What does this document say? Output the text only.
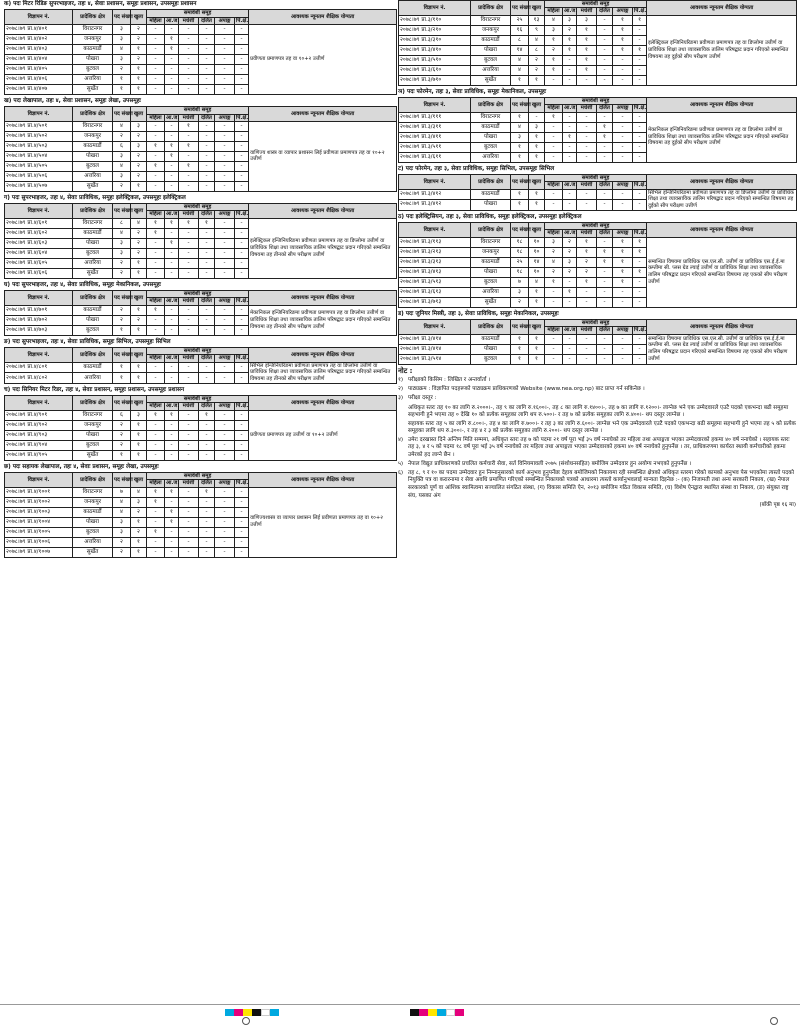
क) पदः मिटर रिडिङ सुपरभाइजर, तहः ४, सेवाः प्रशासन, समूहः प्रशासन, उपसमूहः प्रशासन
विज्ञापन नं.	प्रादेशिक क्षेत्र	पद संख्या	खुला	समावेशी समूह						आवश्यक न्यूनतम शैक्षिक योग्यता
				महिला	आ.ज.	मधेशी	दलित	अपाङ्ग	पि.क्षे.	
२०७८।७९ प्रा.४/४०१	विराटनगर	३	२	-	-	-	-	-	-	प्रवीणता प्रमाणपत्र तह वा १०+२ उत्तीर्ण
२०७८।७९ प्रा.४/४०२	जनकपुर	३	२	-	१	-	-	-	-	
२०७८।७९ प्रा.४/४०३	काठमाडौं	४	१	-	१	-	-	-	-	
२०७८।७९ प्रा.४/४०४	पोखरा	३	२	-	-	-	-	-	-	
२०७८।७९ प्रा.४/४०५	बुटवल	२	१	-	-	-	-	-	-	
२०७८।७९ प्रा.४/४०६	अत्तरिया	१	१	-	-	-	-	-	-	
२०७८।७९ प्रा.४/४०७	सुर्खेत	१	१	-	-	-	-	-	-	
ख) पदः लेखापाल, तहः ४, सेवाः प्रशासन, समूहः लेखा, उपसमूहः
विज्ञापन नं.	प्रादेशिक क्षेत्र	पद संख्या	खुला	समावेशी समूह						आवश्यक न्यूनतम शैक्षिक योग्यता
				महिला	आ.ज.	मधेशी	दलित	अपाङ्ग	पि.क्षे.	
२०७८।७९ प्रा.४/५०१	विराटनगर	४	३	-	-	१	-	-	-	वाणिज्य शास्त्र वा व्यापार प्रशासन लिई प्रवीणता प्रमाणपत्र तह वा १०+२ उत्तीर्ण
२०७८।७९ प्रा.४/५०२	जनकपुर	२	२	-	-	-	-	-	-	
२०७८।७९ प्रा.४/५०३	काठमाडौं	६	३	१	१	१	-	-	-	
२०७८।७९ प्रा.४/५०४	पोखरा	३	२	-	१	-	-	-	-	
२०७८।७९ प्रा.४/५०५	बुटवल	४	२	१	-	१	-	-	-	
२०७८।७९ प्रा.४/५०६	अत्तरिया	३	२	-	-	-	-	-	-	
२०७८।७९ प्रा.४/५०७	सुर्खेत	२	१	-	-	-	-	-	-	
ग) पदः सुपरभाइजर, तहः ४, सेवाः प्राविधिक, समूहः इलेक्ट्रिकल, उपसमूहः इलेक्ट्रिकल
विज्ञापन नं.	प्रादेशिक क्षेत्र	पद संख्या	खुला	समावेशी समूह						आवश्यक न्यूनतम शैक्षिक योग्यता
				महिला	आ.ज.	मधेशी	दलित	अपाङ्ग	पि.क्षे.	
२०७८।७९ प्रा.४/६०१	विराटनगर	८	४	१	१	१	१	-	-	इलेक्ट्रिकल इन्जिनियरिङमा प्रवीणता प्रमाणपत्र तह वा डिप्लोमा उत्तीर्ण वा प्राविधिक शिक्षा तथा व्यावसायिक तालिम परिषद्बाट प्रदान गरिएको सम्बन्धित विषयमा तह तीनको सीप परीक्षण उत्तीर्ण
२०७८।७९ प्रा.४/६०२	काठमाडौं	४	२	१	-	-	-	-	-	
२०७८।७९ प्रा.४/६०३	पोखरा	३	२	-	१	-	-	-	-	
२०७८।७९ प्रा.४/६०४	बुटवल	३	२	-	-	-	-	-	-	
२०७८।७९ प्रा.४/६०५	अत्तरिया	२	१	-	-	-	-	-	-	
२०७८।७९ प्रा.४/६०६	सुर्खेत	२	१	-	-	-	-	-	-	
घ) पदः सुपरभाइजर, तहः ४, सेवाः प्राविधिक, समूहः मेकानिकल, उपसमूहः
विज्ञापन नं.	प्रादेशिक क्षेत्र	पद संख्या	खुला	समावेशी समूह						आवश्यक न्यूनतम शैक्षिक योग्यता
				महिला	आ.ज.	मधेशी	दलित	अपाङ्ग	पि.क्षे.	
२०७८।७९ प्रा.४/७०१	काठमाडौं	२	१	१	-	-	-	-	-	मेकानिकल इन्जिनियरिङमा प्रवीणता प्रमाणपत्र तह वा डिप्लोमा उत्तीर्ण वा प्राविधिक शिक्षा तथा व्यावसायिक तालिम परिषद्बाट प्रदान गरिएको सम्बन्धित विषयमा तह तीनको सीप परीक्षण उत्तीर्ण
२०७८।७९ प्रा.४/७०२	पोखरा	२	२	-	-	-	-	-	-	
२०७८।७९ प्रा.४/७०३	बुटवल	१	१	-	-	-	-	-	-	
ङ) पदः सुपरभाइजर, तहः ४, सेवाः प्राविधिक, समूहः सिभिल, उपसमूहः सिभिल
विज्ञापन नं.	प्रादेशिक क्षेत्र	पद संख्या	खुला	समावेशी समूह						आवश्यक न्यूनतम शैक्षिक योग्यता
				महिला	आ.ज.	मधेशी	दलित	अपाङ्ग	पि.क्षे.	
२०७८।७९ प्रा.४/८०१	काठमाडौं	१	१	-	-	-	-	-	-	सिभिल इन्जिनियरिङमा प्रवीणता प्रमाणपत्र तह वा डिप्लोमा उत्तीर्ण वा प्राविधिक शिक्षा तथा व्यावसायिक तालिम परिषद्बाट प्रदान गरिएको सम्बन्धित विषयमा तह तीनको सीप परीक्षण उत्तीर्ण
२०७८।७९ प्रा.४/८०२	अत्तरिया	१	१	-	-	-	-	-	-	
च) पदः सिनियर मिटर रिडर, तहः ४, सेवाः प्रशासन, समूहः प्रशासन, उपसमूहः प्रशासन
विज्ञापन नं.	प्रादेशिक क्षेत्र	पद संख्या	खुला	समावेशी समूह						आवश्यक न्यूनतम शैक्षिक योग्यता
				महिला	आ.ज.	मधेशी	दलित	अपाङ्ग	पि.क्षे.	
२०७८।७९ प्रा.४/९०१	विराटनगर	६	३	१	१	-	१	-	-	प्रवीणता प्रमाणपत्र तह उत्तीर्ण वा १०+२ उत्तीर्ण
२०७८।७९ प्रा.४/९०२	जनकपुर	२	१	-	-	-	-	-	-	
२०७८।७९ प्रा.४/९०३	पोखरा	२	१	-	-	-	-	-	-	
२०७८।७९ प्रा.४/९०४	बुटवल	२	१	-	-	-	-	-	-	
२०७८।७९ प्रा.४/९०५	सुर्खेत	१	१	-	-	-	-	-	-	
छ) पदः सहायक लेखापाल, तहः ४, सेवाः प्रशासन, समूहः लेखा, उपसमूहः
विज्ञापन नं.	प्रादेशिक क्षेत्र	पद संख्या	खुला	समावेशी समूह						आवश्यक न्यूनतम शैक्षिक योग्यता
				महिला	आ.ज.	मधेशी	दलित	अपाङ्ग	पि.क्षे.	
२०७८।७९ प्रा.४/१००१	विराटनगर	७	४	१	१	-	१	-	-	वाणिज्यशास्त्र वा व्यापार प्रशासन लिई प्रवीणता प्रमाणपत्र तह वा १०+२ उत्तीर्ण
२०७८।७९ प्रा.४/१००२	जनकपुर	४	३	१	-	-	-	-	-	
२०७८।७९ प्रा.४/१००३	काठमाडौं	४	२	-	१	-	-	-	-	
२०७८।७९ प्रा.४/१००४	पोखरा	३	१	-	१	-	-	-	-	
२०७८।७९ प्रा.४/१००५	बुटवल	३	२	१	-	-	-	-	-	
२०७८।७९ प्रा.४/१००६	अत्तरिया	२	१	-	-	-	-	-	-	
२०७८।७९ प्रा.४/१००७	सुर्खेत	२	१	-	-	-	-	-	-	
विज्ञापन नं.	प्रादेशिक क्षेत्र	पद संख्या	खुला	समावेशी समूह						आवश्यक न्यूनतम शैक्षिक योग्यता
				महिला	आ.ज.	मधेशी	दलित	अपाङ्ग	पि.क्षे.	
२०७८।७९ प्रा.३/११०	विराटनगर	२५	१३	४	३	३	-	१	१	इलेक्ट्रिकल इन्जिनियरिङमा प्रवीणता प्रमाणपत्र तह वा डिप्लोमा उत्तीर्ण वा प्राविधिक शिक्षा तथा व्यावसायिक तालिम परिषद्बाट प्रदान गरिएको सम्बन्धित विषयमा तह दुईको सीप परीक्षण उत्तीर्ण
२०७८।७९ प्रा.३/२१०	जनकपुर	१६	९	३	२	१	-	१	-	
२०७८।७९ प्रा.३/३१०	काठमाडौं	८	४	१	१	१	-	१	-	
२०७८।७९ प्रा.३/४१०	पोखरा	१४	८	२	१	१	-	१	१	
२०७८।७९ प्रा.३/५१०	बुटवल	४	२	१	-	१	-	-	-	
२०७८।७९ प्रा.३/६१०	अत्तरिया	४	२	१	-	१	-	-	-	
२०७८।७९ प्रा.३/७१०	सुर्खेत	१	१	-	-	-	-	-	-	
ञ) पदः फोरमेन, तहः ३, सेवाः प्राविधिक, समूहः मेकानिकल, उपसमूहः
विज्ञापन नं.	प्रादेशिक क्षेत्र	पद संख्या	खुला	समावेशी समूह						आवश्यक न्यूनतम शैक्षिक योग्यता
				महिला	आ.ज.	मधेशी	दलित	अपाङ्ग	पि.क्षे.	
२०७८।७९ प्रा.३/१११	विराटनगर	१	-	१	-	-	-	-	-	मेकानिकल इन्जिनियरिङमा प्रवीणता प्रमाणपत्र तह वा डिप्लोमा उत्तीर्ण वा प्राविधिक शिक्षा तथा व्यावसायिक तालिम परिषद्बाट प्रदान गरिएको सम्बन्धित विषयमा तह दुईको सीप परीक्षण उत्तीर्ण
२०७८।७९ प्रा.३/३११	काठमाडौं	४	३	-	-	-	१	-	-	
२०७८।७९ प्रा.३/४११	पोखरा	३	१	-	१	-	१	-	-	
२०७८।७९ प्रा.३/५११	बुटवल	१	१	-	-	-	-	-	-	
२०७८।७९ प्रा.३/६११	अत्तरिया	१	१	-	-	-	-	-	-	
ट) पदः फोरमेन, तहः ३, सेवाः प्राविधिक, समूहः सिभिल, उपसमूहः सिभिल
विज्ञापन नं.	प्रादेशिक क्षेत्र	पद संख्या	खुला	समावेशी समूह						आवश्यक न्यूनतम शैक्षिक योग्यता
				महिला	आ.ज.	मधेशी	दलित	अपाङ्ग	पि.क्षे.	
२०७८।७९ प्रा.३/४१२	काठमाडौं	१	१	-	-	-	-	-	-	सिभिल इन्जिनियरिङमा प्रवीणता प्रमाणपत्र तह वा डिप्लोमा उत्तीर्ण वा प्राविधिक शिक्षा तथा व्यावसायिक तालिम परिषद्बाट प्रदान गरिएको सम्बन्धित विषयमा तह दुईको सीप परीक्षण उत्तीर्ण
२०७८।७९ प्रा.३/४१२	पोखरा	१	१	-	-	-	-	-	-	
ठ) पदः इलेक्ट्रिसियन, तहः ३, सेवाः प्राविधिक, समूहः इलेक्ट्रिकल, उपसमूहः इलेक्ट्रिकल
विज्ञापन नं.	प्रादेशिक क्षेत्र	पद संख्या	खुला	समावेशी समूह						आवश्यक न्यूनतम शैक्षिक योग्यता
				महिला	आ.ज.	मधेशी	दलित	अपाङ्ग	पि.क्षे.	
२०७८।७९ प्रा.३/११३	विराटनगर	१८	१०	३	२	१	-	१	१	सम्बन्धित विषयमा प्राविधिक एस.एल.सी. उत्तीर्ण वा प्राविधिक एस.ई.ई.मा कम्तीमा सी. प्लस ग्रेड ल्याई उत्तीर्ण वा प्राविधिक शिक्षा तथा व्यावसायिक तालिम परिषद्बाट प्रदान गरिएको सम्बन्धित विषयमा तह एकको सीप परीक्षण उत्तीर्ण
२०७८।७९ प्रा.३/२१३	जनकपुर	१८	१०	२	२	१	१	१	१	
२०७८।७९ प्रा.३/३१३	काठमाडौं	२५	१४	४	३	२	१	१	-	
२०७८।७९ प्रा.३/४१३	पोखरा	१८	१०	२	२	२	-	१	१	
२०७८।७९ प्रा.३/५१३	बुटवल	७	४	१	-	१	-	१	-	
२०७८।७९ प्रा.३/६१३	अत्तरिया	३	१	-	१	-	-	-	-	
२०७८।७९ प्रा.३/७१३	सुर्खेत	२	१	-	-	-	-	-	-	
ड) पदः जुनियर मिस्त्री, तहः ३, सेवाः प्राविधिक, समूहः मेकानिकल, उपसमूहः
विज्ञापन नं.	प्रादेशिक क्षेत्र	पद संख्या	खुला	समावेशी समूह						आवश्यक न्यूनतम शैक्षिक योग्यता
				महिला	आ.ज.	मधेशी	दलित	अपाङ्ग	पि.क्षे.	
२०७८।७९ प्रा.३/४१४	काठमाडौं	१	१	-	-	-	-	-	-	सम्बन्धित विषयमा प्राविधिक एस.एल.सी. उत्तीर्ण वा प्राविधिक एस.ई.ई.मा कम्तीमा सी. प्लस ग्रेड ल्याई उत्तीर्ण वा प्राविधिक शिक्षा तथा व्यावसायिक तालिम परिषद्बाट प्रदान गरिएको सम्बन्धित विषयमा तह एकको सीप परीक्षण उत्तीर्ण
२०७८।७९ प्रा.३/४१४	पोखरा	१	१	-	-	-	-	-	-	
२०७८।७९ प्रा.३/५१४	बुटवल	१	१	-	-	-	-	-	-	
नोट :
१) परीक्षाको किसिम : लिखित र अन्तर्वार्ता ।
२) पाठ्यक्रम : विज्ञापित पदहरूको पाठ्यक्रम प्राधिकरणको Website (www.nea.org.np) बाट प्राप्त गर्न सकिनेछ ।
३) परीक्षा दस्तुर :
अधिकृत स्तरः तह १० का लागि रु.२०००।-, तह ९ का लागि रु.१६००।-, तह ८ का लागि रु.१४००।-, तह ७ का लागि रु.१२००।- लाग्नेछ भने एक उम्मेदवारले एउटै पदको एकभन्दा बढी समूहमा सहभागी हुने भएमा तह ० देखि १० को प्रत्येक समूहका लागि थप रु.५००।- र तह ७ को प्रत्येक समूहका लागि रु.४००।- थप दस्तुर लाग्नेछ ।
सहायक स्तरः तह ५ का लागि रु.८००।-, तह ४ का लागि रु.७००।- र तह ३ का लागि रु.६००।- लाग्नेछ भने एक उम्मेदवारले एउटै पदको एकभन्दा बढी समूहमा सहभागी हुने भएमा तह ५ को प्रत्येक समूहका लागि थप रु.३००।-, र तह ४ र ३ को प्रत्येक समूहका लागि रु.२००।- थप दस्तुर लाग्नेछ ।
४) उमेरः दरखास्त दिने अन्तिम मिति सम्ममा, अधिकृत स्तरः तह ७ को पदमा २१ वर्ष पूरा भई ३५ वर्ष ननाघेको तर महिला तथा अपाङ्गता भएका उम्मेदवारको हकमा ४० वर्ष ननाघेको । सहायक स्तरः तह ३, ४ र ५ को पदमा १८ वर्ष पूरा भई ३५ वर्ष ननाघेको तर महिला तथा अपाङ्गता भएका उम्मेदवारको हकमा ४० वर्ष ननाघेको हुनुपर्नेछ । तर, प्राधिकरणमा कार्यरत स्थायी कर्मचारीको हकमा उमेरको हद लाग्ने छैन ।
५) नेपाल विद्युत प्राधिकरणको प्रचलित कर्मचारी सेवा, सर्त विनियमावली २०७५ (संशोधनसहित) बमोजिम उम्मेदवार हुन अयोग्य नभएको हुनुपर्नेछ ।
६) तह ८, ९ र १० का पदमा उम्मेदवार हुन निम्नानुसारको कार्य अनुभव हुनुपर्नेछः देहाय बमोजिमको निकायमा रही सम्बन्धित क्षेत्रको अधिकृत स्तरमा गरेको कामको अनुभव पेस भएकोमा त्यस्तो पदको नियुक्ति पत्र वा करारनामा र सेवा अवधि प्रमाणित गरिएको सम्बन्धित निकायको पत्रको आधारमा त्यस्तो कार्यानुभवलाई मान्यता दिइनेछ :- (क) निजामती तथा अन्य सरकारी निकाय, (ख) नेपाल सरकारको पूर्ण वा आंशिक स्वामित्वमा सञ्चालित संगठित संस्था, (ग) विकास समिति ऐन, २०१३ बमोजिम गठित विकास समिति, (घ) विशेष ऐनद्वारा स्थापित संस्था वा निकाय, (ङ) संयुक्त राष्ट्र संघ, यसका अंग
(बाँकी पृष्ठ १६ मा)
